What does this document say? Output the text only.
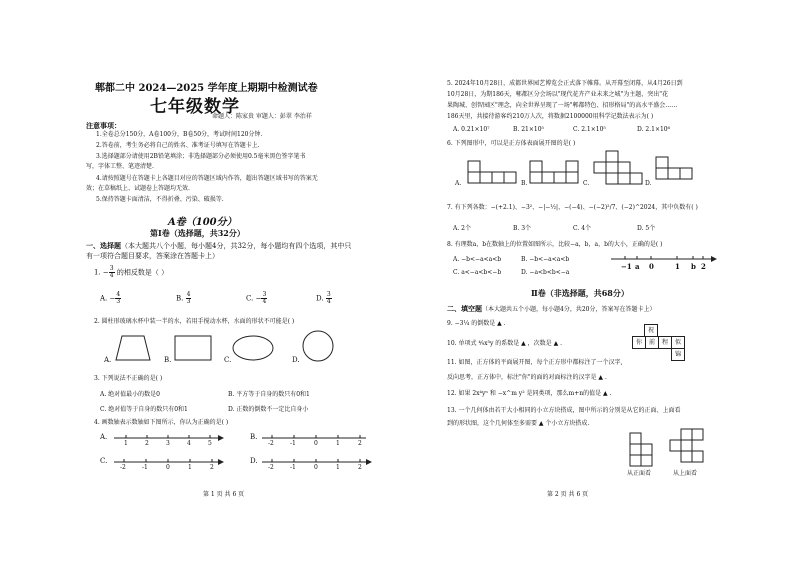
郫都二中 2024—2025 学年度上期期中检测试卷
七年级数学
命题人：陈家贵 审题人：彭翠 李治祥
注意事项：
1.全卷总分150分，A卷100分，B卷50分，考试时间120分钟.
2.答卷前，考生务必将自己的姓名、准考证号填写在答题卡上.
3.选择题部分请使用2B铅笔填涂；非选择题部分必须使用0.5毫米黑色签字笔书
写，字体工整、笔迹清楚.
4.请按照题号在答题卡上各题目对应的答题区域内作答，超出答题区域书写的答案无
效；在草稿纸上、试题卷上答题均无效.
5.保持答题卡面清洁，不得折叠、污染、破损等.
A卷（100分）
第Ⅰ卷（选择题，共32分）
一、选择题（本大题共八个小题，每小题4分，共32分，每小题均有四个选项，其中只
有一项符合题目要求，答案涂在答题卡上）
1. − $\frac{3}{4}$ 的相反数是（ ）
A. − $\frac{4}{3}$	B. $\frac{4}{3}$	C. − $\frac{3}{4}$	D. $\frac{3}{4}$
2. 圆柱形玻璃水杯中装一半的水，若用手搅动水杯，水面的形状不可能是( )
A.	B.	C.	D.
3. 下列说法不正确的是( )
A. 绝对值最小的数是0	B. 平方等于自身的数只有0和1
C. 绝对值等于自身的数只有0和1	D. 正数的倒数不一定比自身小
4. 画数轴表示数轴如下图所示，你认为正确的是( )
A.
1	2	3	4	5
B.
-2	-1	0	1	2
C.
-2	-1	0	1	2
D.
-2	-1	0	1	2
第 1 页 共 6 页
5. 2024年10月28日，成都世界园艺博览会正式落下帷幕。从开幕至闭幕，从4月26日到
10月28日，为期186天，郫都区分会场以"现代花卉产业未来之城"为主题，突出"花
果陶城、创智园区"理念，向全世界呈现了一场"郫都特色、招形格局"的高水平盛会……
186天里，共接待游客约210万人次，将数据2100000用科学记数法表示为( )
A. 0.21×10⁷	B. 21×10⁵	C. 2.1×10⁵	D. 2.1×10⁶
6. 下列图形中，可以是正方体表面展开图的是( )
A.	B.	C.	D.
7. 有下列各数：−(+2.1)、−3²、−|−½|、−(−4)、−(−2)²/7、(−2)^2024，其中负数有( )
A. 2个	B. 3个	C. 4个	D. 5个
8. 有理数a，b在数轴上的位置如图所示，比较−a，b，a，b的大小，正确的是( )
A. −b<−a<a<b	B. −b<−a<a<b
C. a<−a<b<−b	D. −a<b<b<−a
−1 a 0	1 b 2
Ⅱ卷（非选择题，共68分）
二、填空题（本大题共五个小题，每小题4分，共20分，答案写在答题卡上）
9. −3¼ 的倒数是 ▲ .
10. 单项式 ⁴⁄₉x³y 的系数是 ▲ ，次数是 ▲ .
祝
你	前	程	似
锦
11. 如图，正方体的平面展开图，每个正方形中都标注了一个汉字,
反向思考，正方体中，标注"你"的面的对面标注的汉字是 ▲ .
12. 如果 2x⁴yⁿ 和 −x^m y² 是同类项，那么m+n的值是 ▲ .
13. 一个几何体由若干大小相同的小立方块搭成，图中所示的分别是从它的正面、上面看
到的形状图，这个几何体至多需要 ▲ 个小立方块搭成.
从正面看	从上面看
第 2 页 共 6 页
